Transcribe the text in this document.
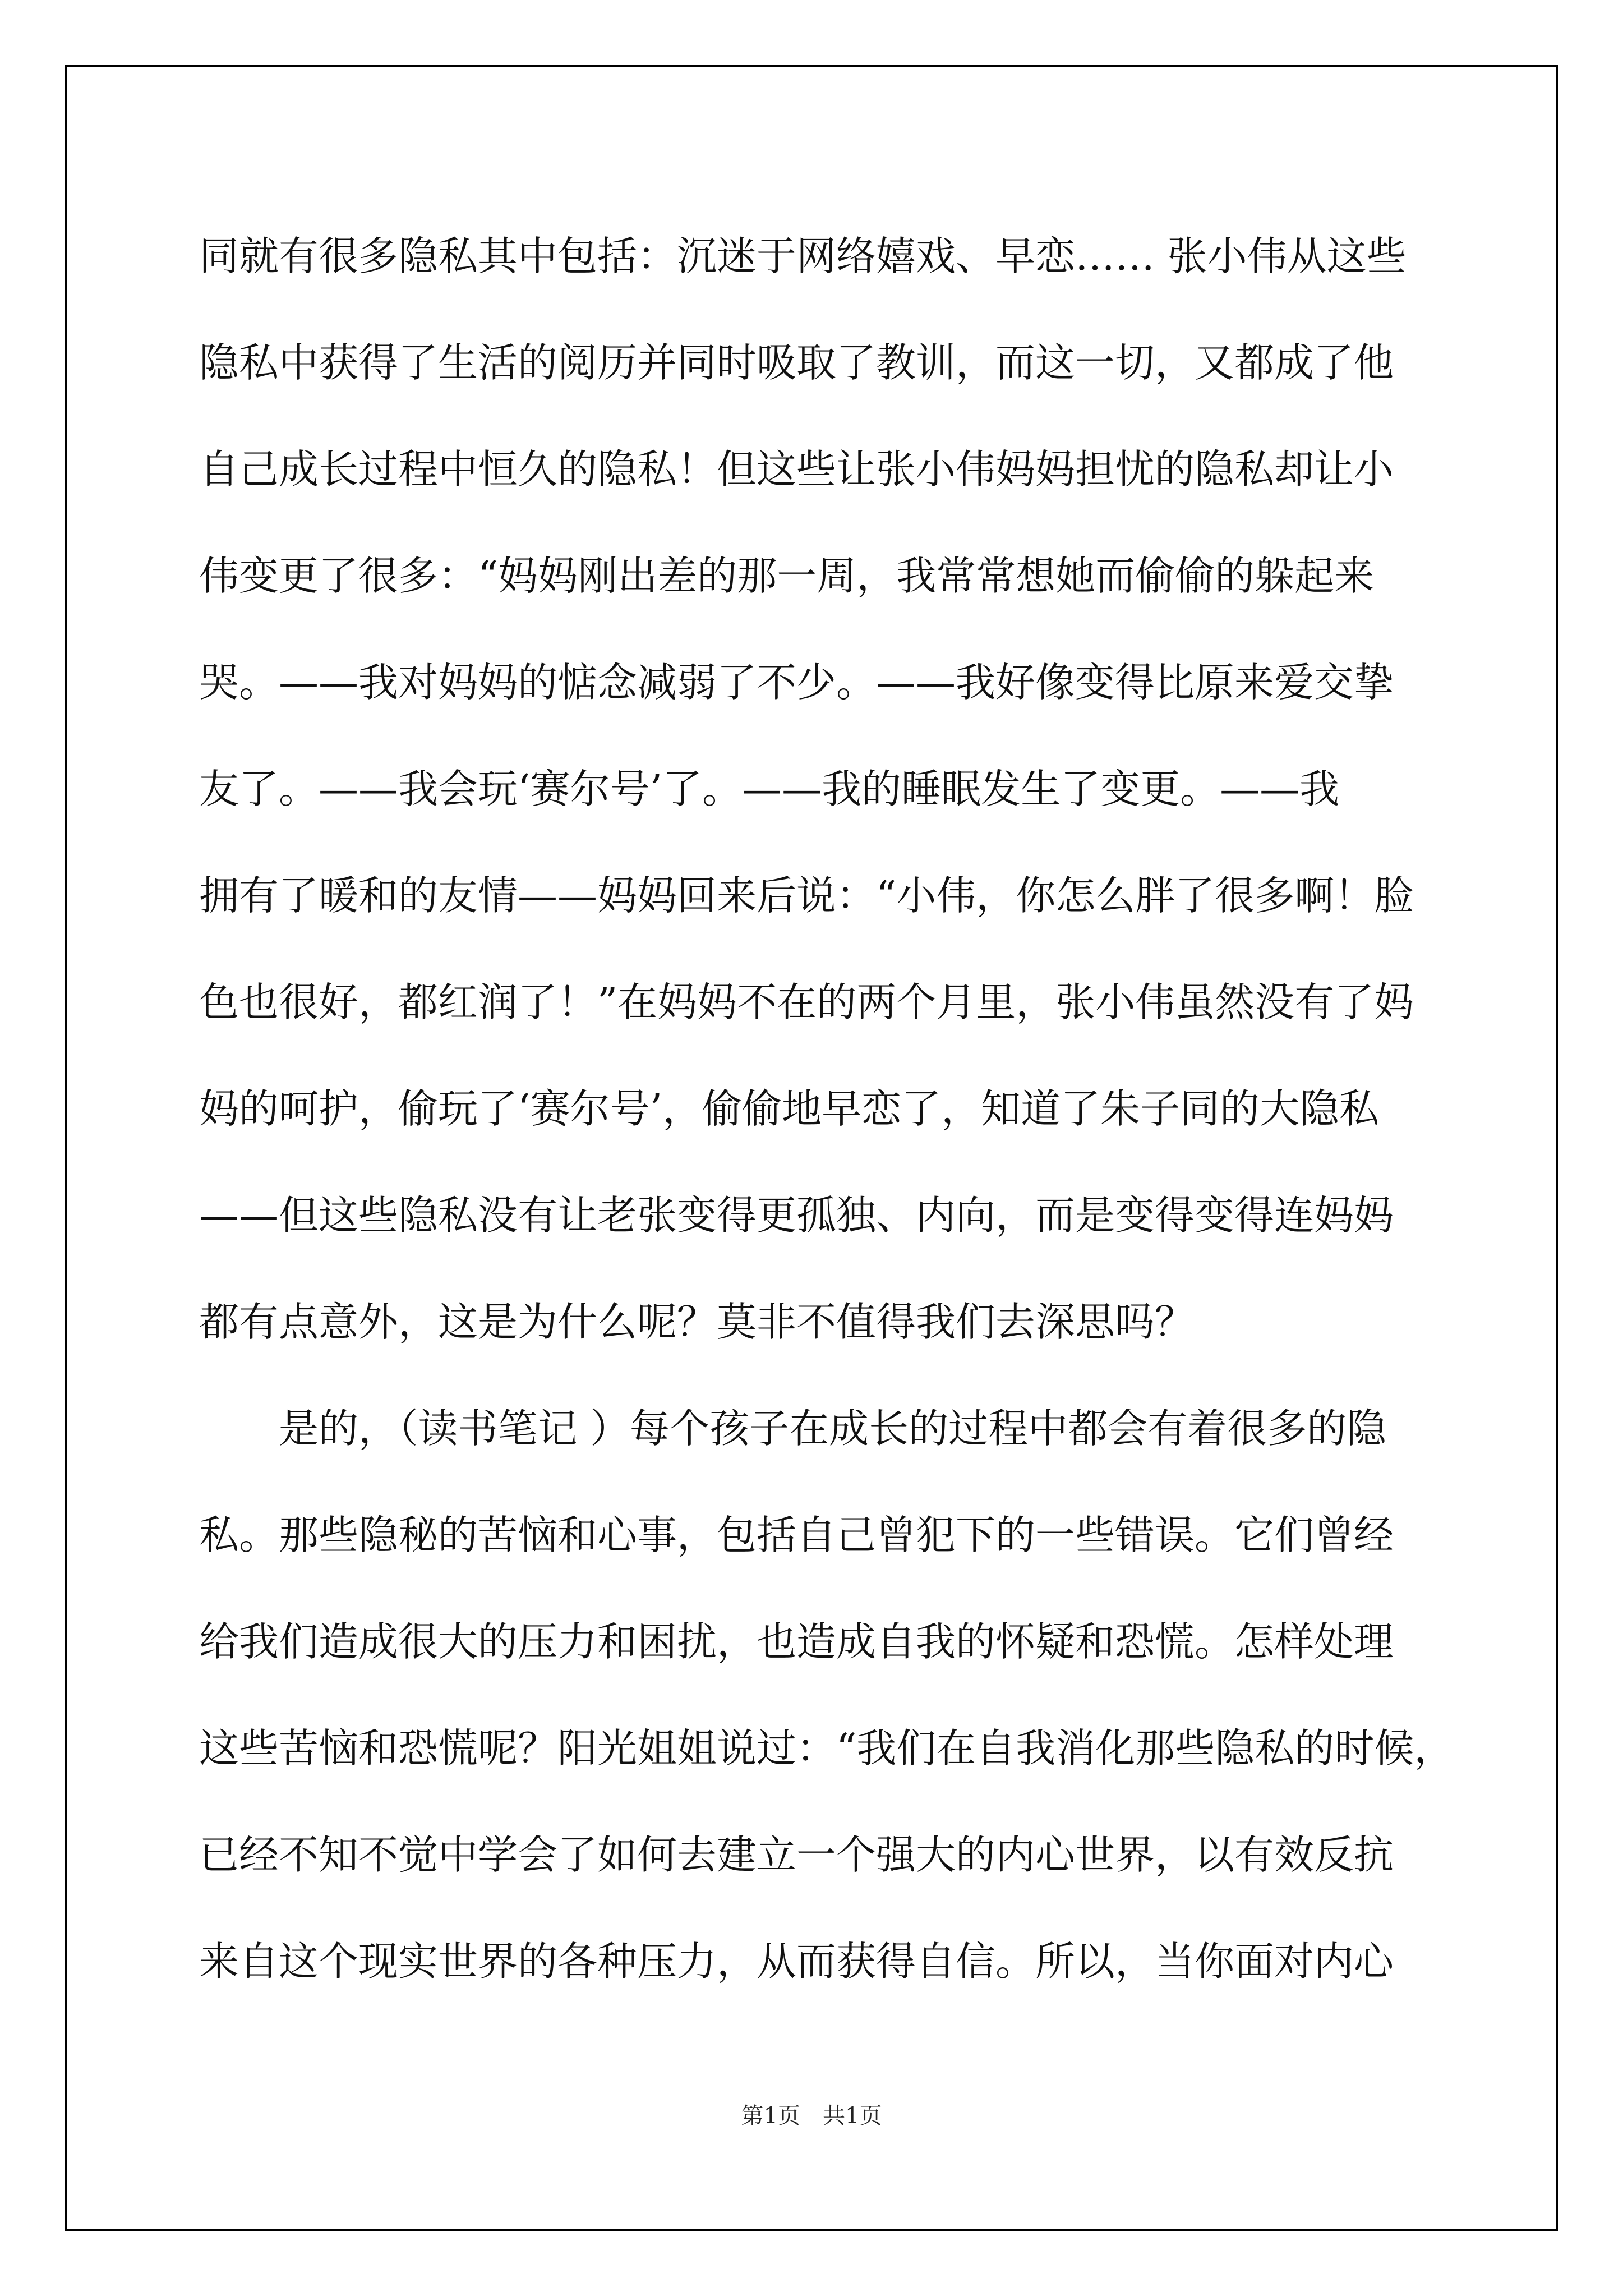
同就有很多隐私其中包括：沉迷于网络嬉戏、早恋…… 张小伟从这些
隐私中获得了生活的阅历并同时吸取了教训，而这一切，又都成了他
自己成长过程中恒久的隐私！但这些让张小伟妈妈担忧的隐私却让小
伟变更了很多：“妈妈刚出差的那一周，我常常想她而偷偷的躲起来
哭。——我对妈妈的惦念减弱了不少。——我好像变得比原来爱交挚
友了。——我会玩‘赛尔号’了。——我的睡眠发生了变更。——我
拥有了暖和的友情——妈妈回来后说：“小伟，你怎么胖了很多啊！脸
色也很好，都红润了！”在妈妈不在的两个月里，张小伟虽然没有了妈
妈的呵护，偷玩了‘赛尔号’，偷偷地早恋了，知道了朱子同的大隐私
——但这些隐私没有让老张变得更孤独、内向，而是变得变得连妈妈
都有点意外，这是为什么呢？莫非不值得我们去深思吗？
是的，（读书笔记 ）每个孩子在成长的过程中都会有着很多的隐
私。那些隐秘的苦恼和心事，包括自己曾犯下的一些错误。它们曾经
给我们造成很大的压力和困扰，也造成自我的怀疑和恐慌。怎样处理
这些苦恼和恐慌呢？阳光姐姐说过：“我们在自我消化那些隐私的时候，
已经不知不觉中学会了如何去建立一个强大的内心世界，以有效反抗
来自这个现实世界的各种压力，从而获得自信。所以，当你面对内心
第1页　共1页
